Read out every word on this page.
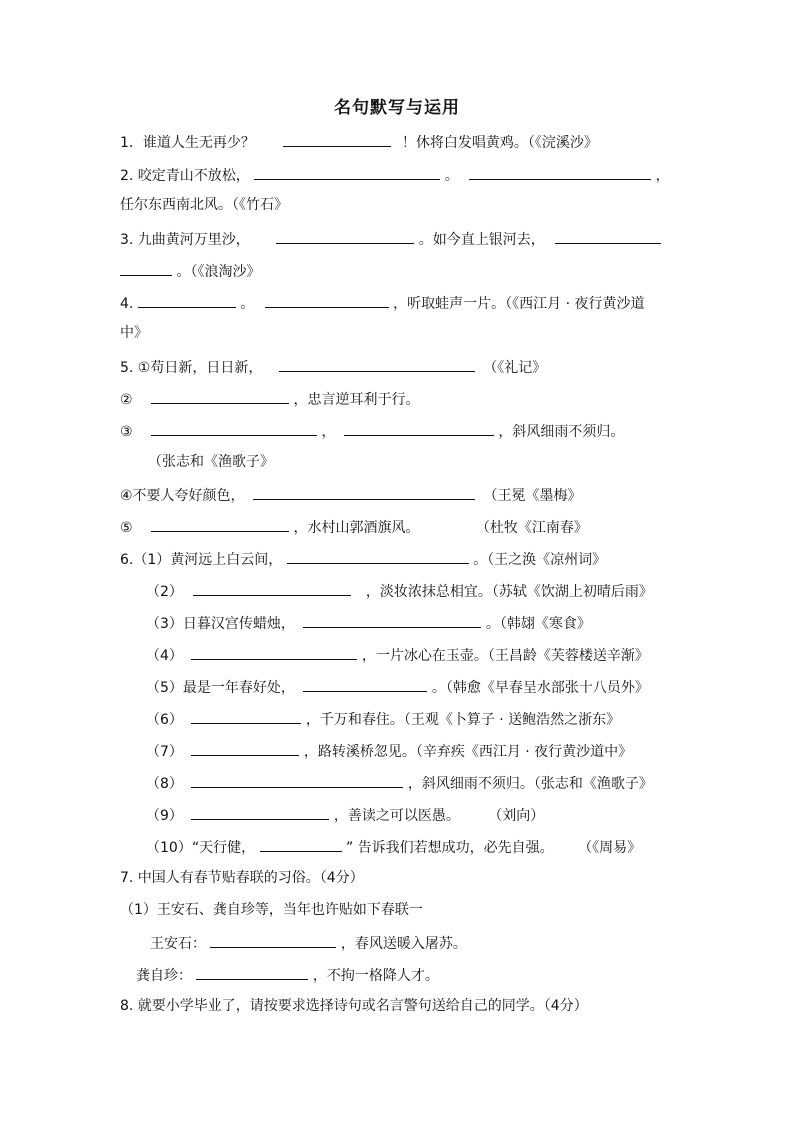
名句默写与运用
1．谁道人生无再少？	！休将白发唱黄鸡。（《浣溪沙》
2. 咬定青山不放松，	。	，
任尔东西南北风。（《竹石》
3. 九曲黄河万里沙，	。如今直上银河去，
。（《浪淘沙》
4.	。	，听取蛙声一片。（《西江月 · 夜行黄沙道
中》
5. ①苟日新，日日新，	（《礼记》
②	，忠言逆耳利于行。
③	，	，斜风细雨不须归。
（张志和《渔歌子》
④不要人夸好颜色，	（王冕《墨梅》
⑤	，水村山郭酒旗风。	（杜牧《江南春》
6.（1）黄河远上白云间，	。（王之涣《凉州词》
（2）	，淡妆浓抹总相宜。（苏轼《饮湖上初晴后雨》
（3）日暮汉宫传蜡烛，	。（韩翃《寒食》
（4）	，一片冰心在玉壶。（王昌龄《芙蓉楼送辛渐》
（5）最是一年春好处，	。（韩愈《早春呈水部张十八员外》
（6）	，千万和春住。（王观《卜算子 · 送鲍浩然之浙东》
（7）	，路转溪桥忽见。（辛弃疾《西江月 · 夜行黄沙道中》
（8）	，斜风细雨不须归。（张志和《渔歌子》
（9）	，善读之可以医愚。 （刘向）
（10）“天行健，	” 告诉我们若想成功，必先自强。 （《周易》
7. 中国人有春节贴春联的习俗。（4分）
（1）王安石、龚自珍等，当年也许贴如下春联一
王安石：	，春风送暖入屠苏。
龚自珍：	，不拘一格降人才。
8. 就要小学毕业了，请按要求选择诗句或名言警句送给自己的同学。（4分）
